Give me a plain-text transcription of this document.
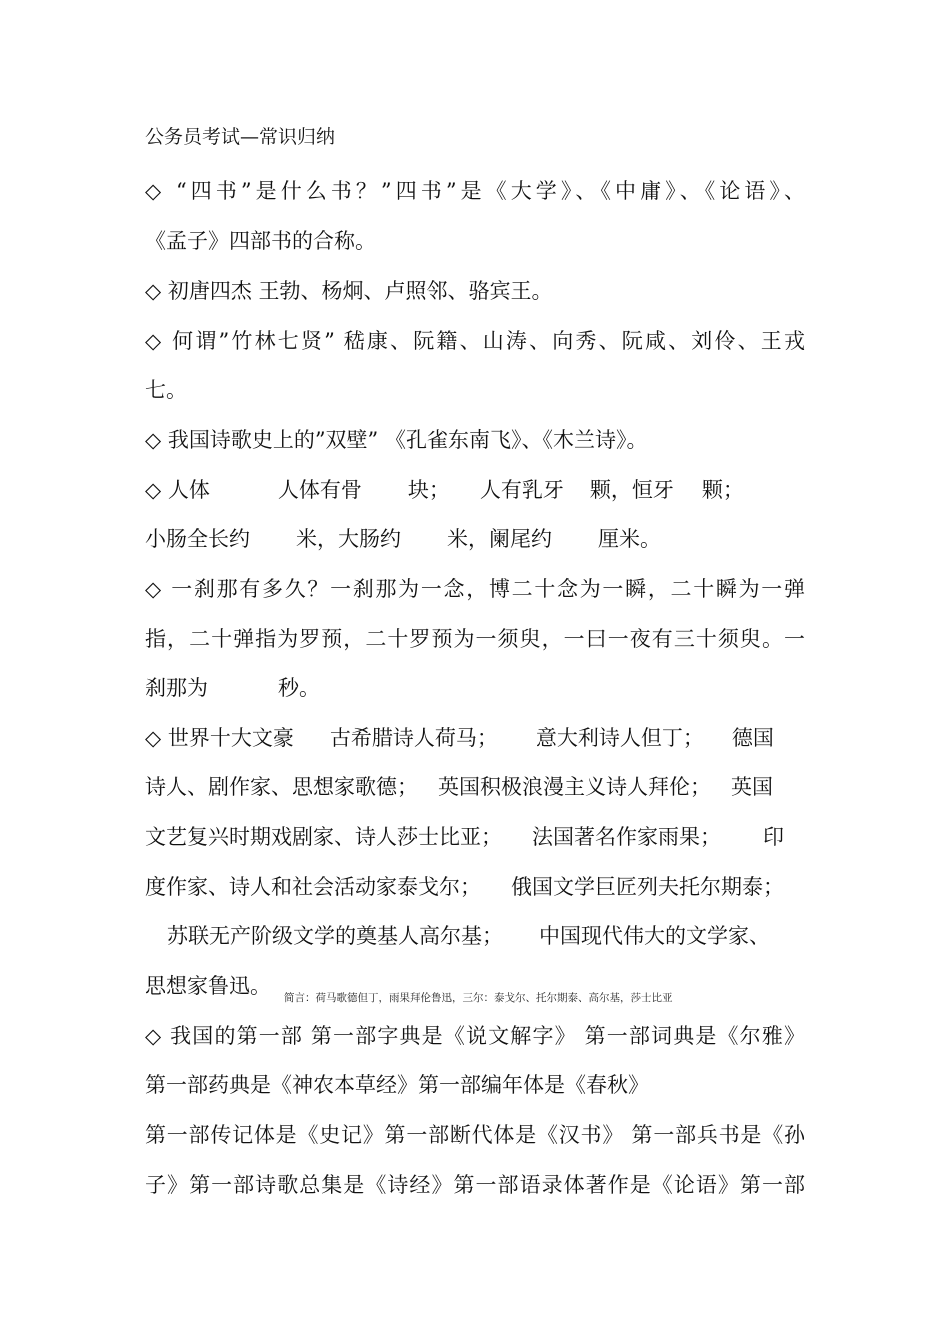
公务员考试—常识归纳
◇ “四书”是什么书？”四书”是《大学》、《中庸》、《论语》、
《孟子》四部书的合称。
◇ 初唐四杰 王勃、杨炯、卢照邻、骆宾王。
◇ 何谓”竹林七贤” 嵇康、阮籍、山涛、向秀、阮咸、刘伶、王戎
七。
◇ 我国诗歌史上的”双壁” 《孔雀东南飞》、《木兰诗》。
◇ 人体	人体有骨 块； 人有乳牙 颗，恒牙 颗；
小肠全长约 米，大肠约 米，阑尾约 厘米。
◇ 一刹那有多久？一刹那为一念，博二十念为一瞬，二十瞬为一弹
指，二十弹指为罗预，二十罗预为一须臾，一曰一夜有三十须臾。一
刹那为	秒。
◇ 世界十大文豪 古希腊诗人荷马； 意大利诗人但丁； 德国
诗人、剧作家、思想家歌德； 英国积极浪漫主义诗人拜伦； 英国
文艺复兴时期戏剧家、诗人莎士比亚； 法国著名作家雨果； 印
度作家、诗人和社会活动家泰戈尔； 俄国文学巨匠列夫托尔期泰；
苏联无产阶级文学的奠基人高尔基； 中国现代伟大的文学家、
思想家鲁迅。	简言：荷马歌德但丁，雨果拜伦鲁迅，三尔：泰戈尔、托尔期泰、高尔基，莎士比亚
◇ 我国的第一部 第一部字典是《说文解字》 第一部词典是《尔雅》
第一部药典是《神农本草经》第一部编年体是《春秋》
第一部传记体是《史记》第一部断代体是《汉书》 第一部兵书是《孙
子》第一部诗歌总集是《诗经》第一部语录体著作是《论语》第一部
